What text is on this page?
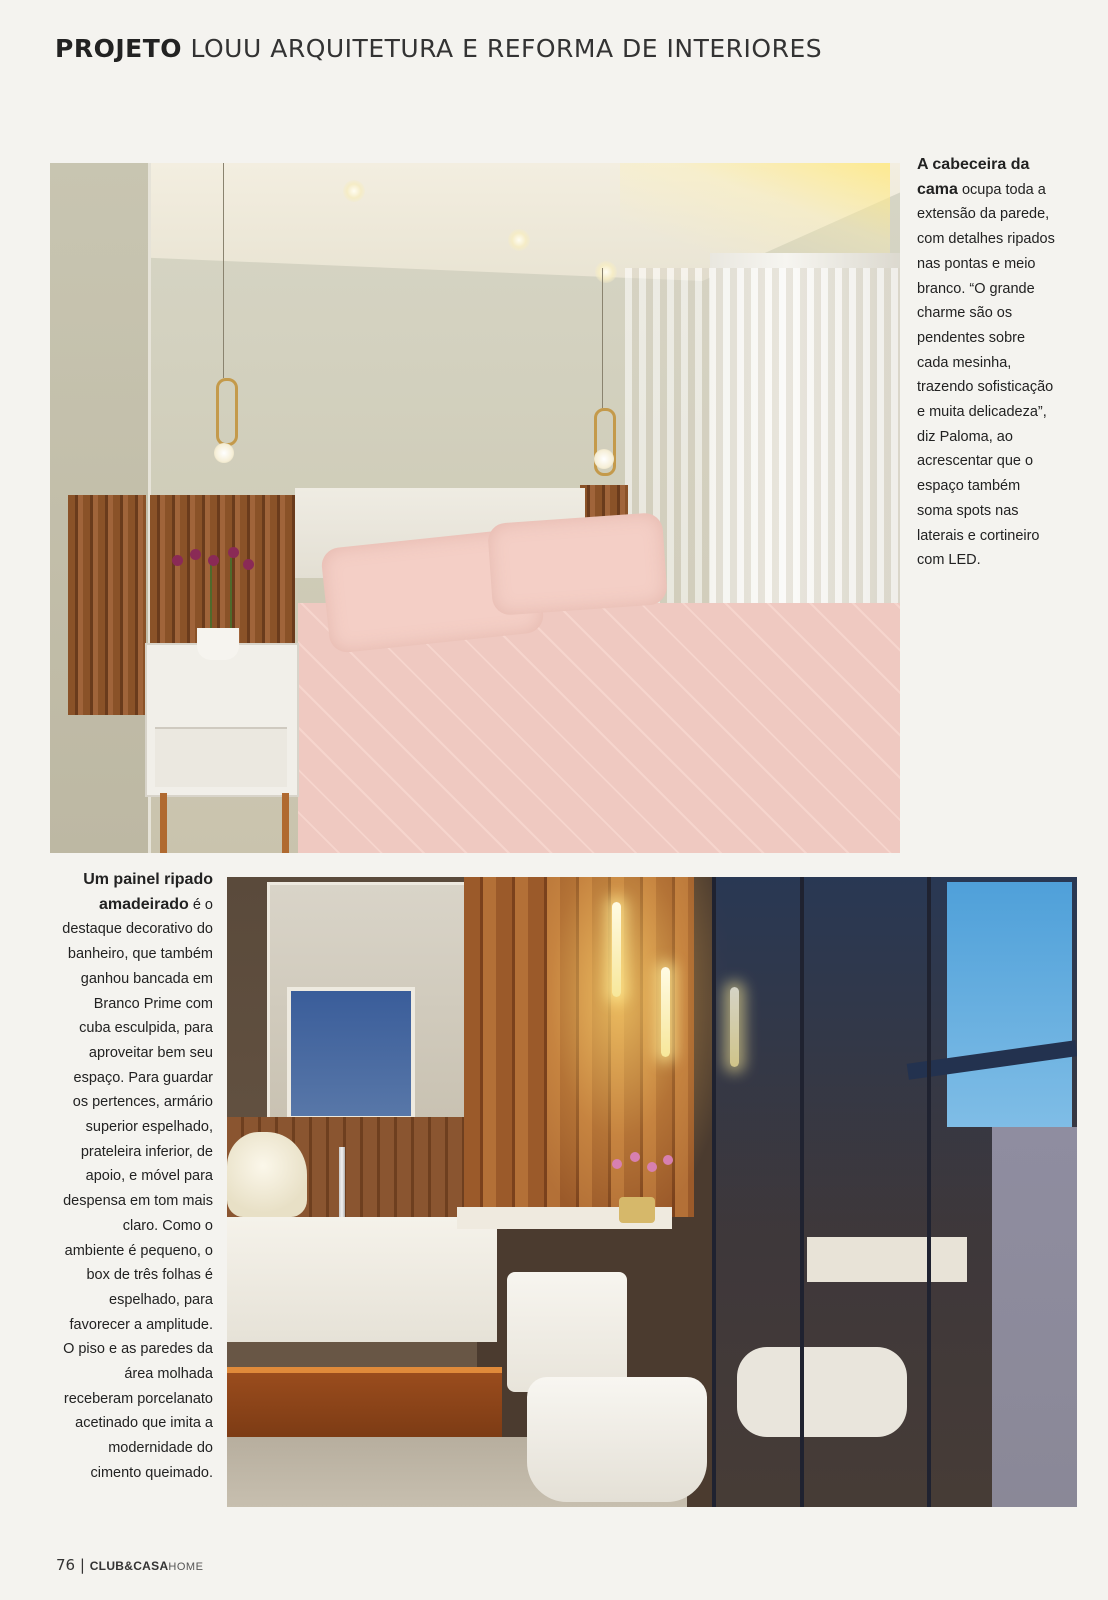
PROJETO LOUU ARQUITETURA E REFORMA DE INTERIORES
A cabeceira da cama ocupa toda a extensão da parede, com detalhes ripados nas pontas e meio branco. “O grande charme são os pendentes sobre cada mesinha, trazendo sofisticação e muita delicadeza”, diz Paloma, ao acrescentar que o espaço também soma spots nas laterais e cortineiro com LED.
Um painel ripado amadeirado é o destaque decorativo do banheiro, que também ganhou bancada em Branco Prime com cuba esculpida, para aproveitar bem seu espaço. Para guardar os pertences, armário superior espelhado, prateleira inferior, de apoio, e móvel para despensa em tom mais claro. Como o ambiente é pequeno, o box de três folhas é espelhado, para favorecer a amplitude. O piso e as paredes da área molhada receberam porcelanato acetinado que imita a modernidade do cimento queimado.
76 | CLUB&CASAHOME
